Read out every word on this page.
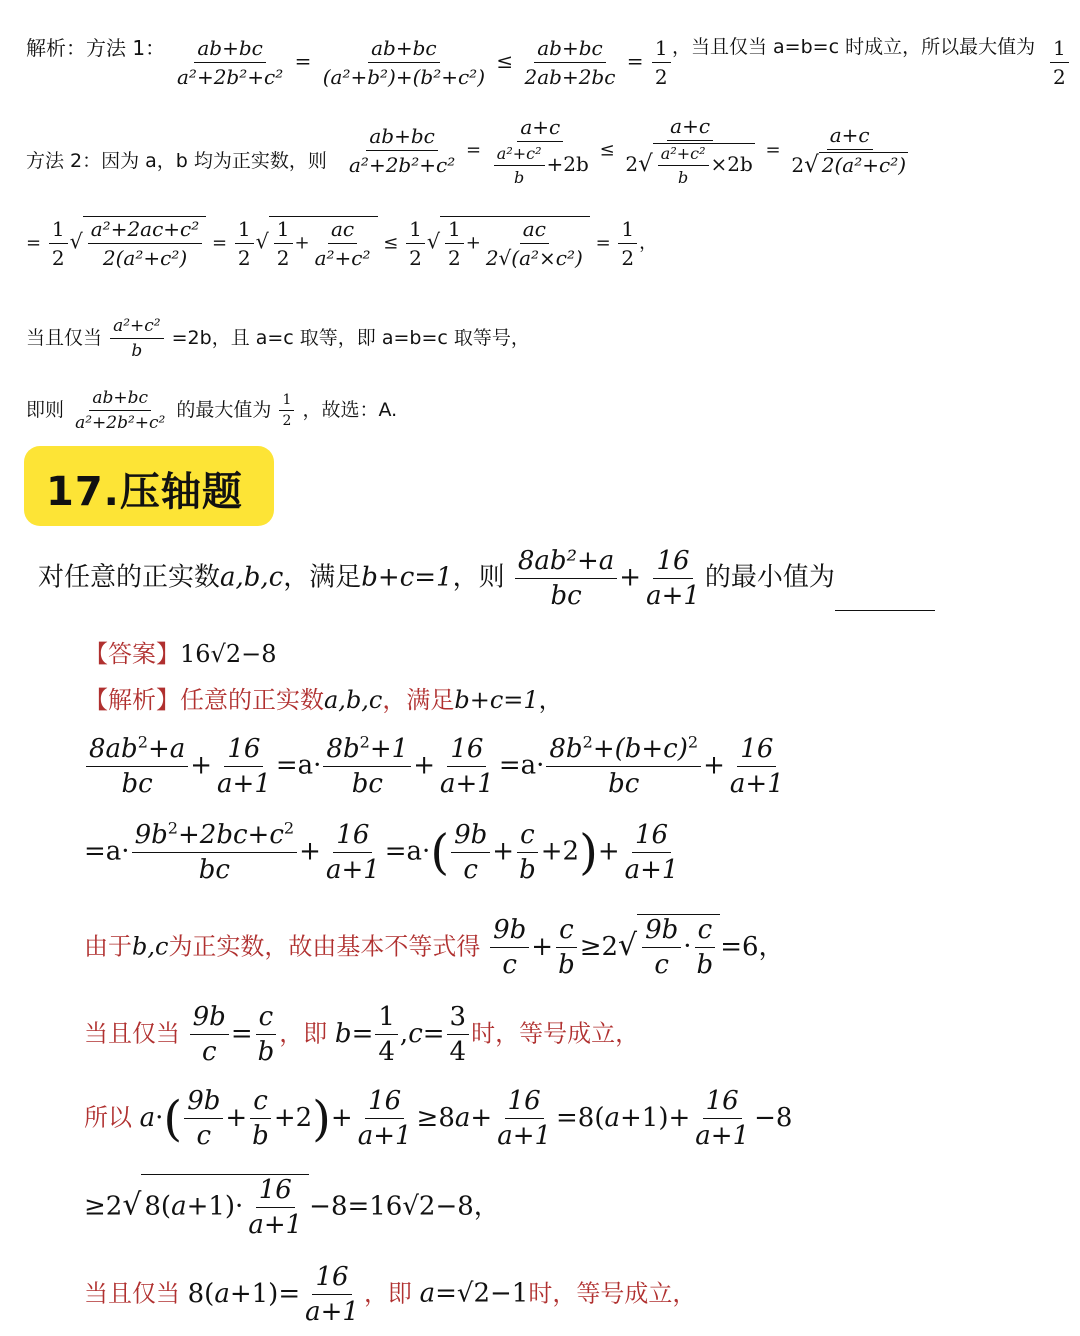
解析：方法 1： $\frac{ab+bc}{\text{a²+2b²+c²}} = \frac{ab+bc}{\text{(a²+b²)+(b²+c²)}} \le \frac{ab+bc}{2ab+2bc} = \frac{1}{2}$ ，当且仅当 a=b=c 时成立，所以最大值为 $\frac{1}{2}$
方法 2：因为 a，b 均为正实数，则 $\frac{ab+bc}{\text{a²+2b²+c²}} = \frac{a+c}{\frac{\text{a²+c²}}{b} +2b} \le \frac{a+c}{2√ \frac{\text{a²+c²}}{b} \times 2b} = \frac{a+c}{\text{2√ 2(a²+c²)}}$
= $\frac{1}{2}$ √ $\frac{\text{a²+2ac+c²}}{\text{2(a²+c²)}} = \frac{1}{2}$ √ $\frac{1}{2} + \frac{ac}{\text{a²+c²}} \le \frac{1}{2}$ √ $\frac{1}{2} + \frac{ac}{\text{2√(a²×c²)}} = \frac{1}{2}$ ，
当且仅当 $\frac{\text{a²+c²}}{b} =2b$，且 a=c 取等，即 a=b=c 取等号，
即则 $\frac{ab+bc}{\text{a²+2b²+c²}}$ 的最大值为 $\frac{1}{2}$ ，故选：A.
17.压轴题
对任意的正实数a,b,c，满足b+c=1，则 $\frac{\text{8ab²+a}}{bc} + \frac{16}{a+1}$ 的最小值为
【答案】16√2−8
【解析】任意的正实数a,b,c，满足b+c=1，
$\frac{8ab^2+a}{bc} + \frac{16}{a+1} =a\cdot \frac{8b^2+1}{bc} + \frac{16}{a+1} =a\cdot \frac{8b^2+(b+c)^2}{bc} + \frac{16}{a+1}$
$=a\cdot \frac{9b^2+2bc+c^2}{bc} + \frac{16}{a+1} =a\cdot( \frac{9b}{c} + \frac{c}{b} +2)+ \frac{16}{a+1}$
由于b,c为正实数，故由基本不等式得 $\frac{9b}{c} + \frac{c}{b} \ge 2√ \frac{9b}{c} \cdot \frac{c}{b} =6$，
当且仅当 $\frac{9b}{c} = \frac{c}{b}$ ，即 $b= \frac{1}{4} ,c= \frac{3}{4}$ 时，等号成立，
所以 $a\cdot( \frac{9b}{c} + \frac{c}{b} +2)+ \frac{16}{a+1} \ge 8a+ \frac{16}{a+1} =8(a+1)+ \frac{16}{a+1} -8$
≥2√ $8(a+1)\cdot \frac{16}{a+1} -8=16√2-8$，
当且仅当 $8(a+1)= \frac{16}{a+1}$ ，即 a=√2−1时，等号成立，
